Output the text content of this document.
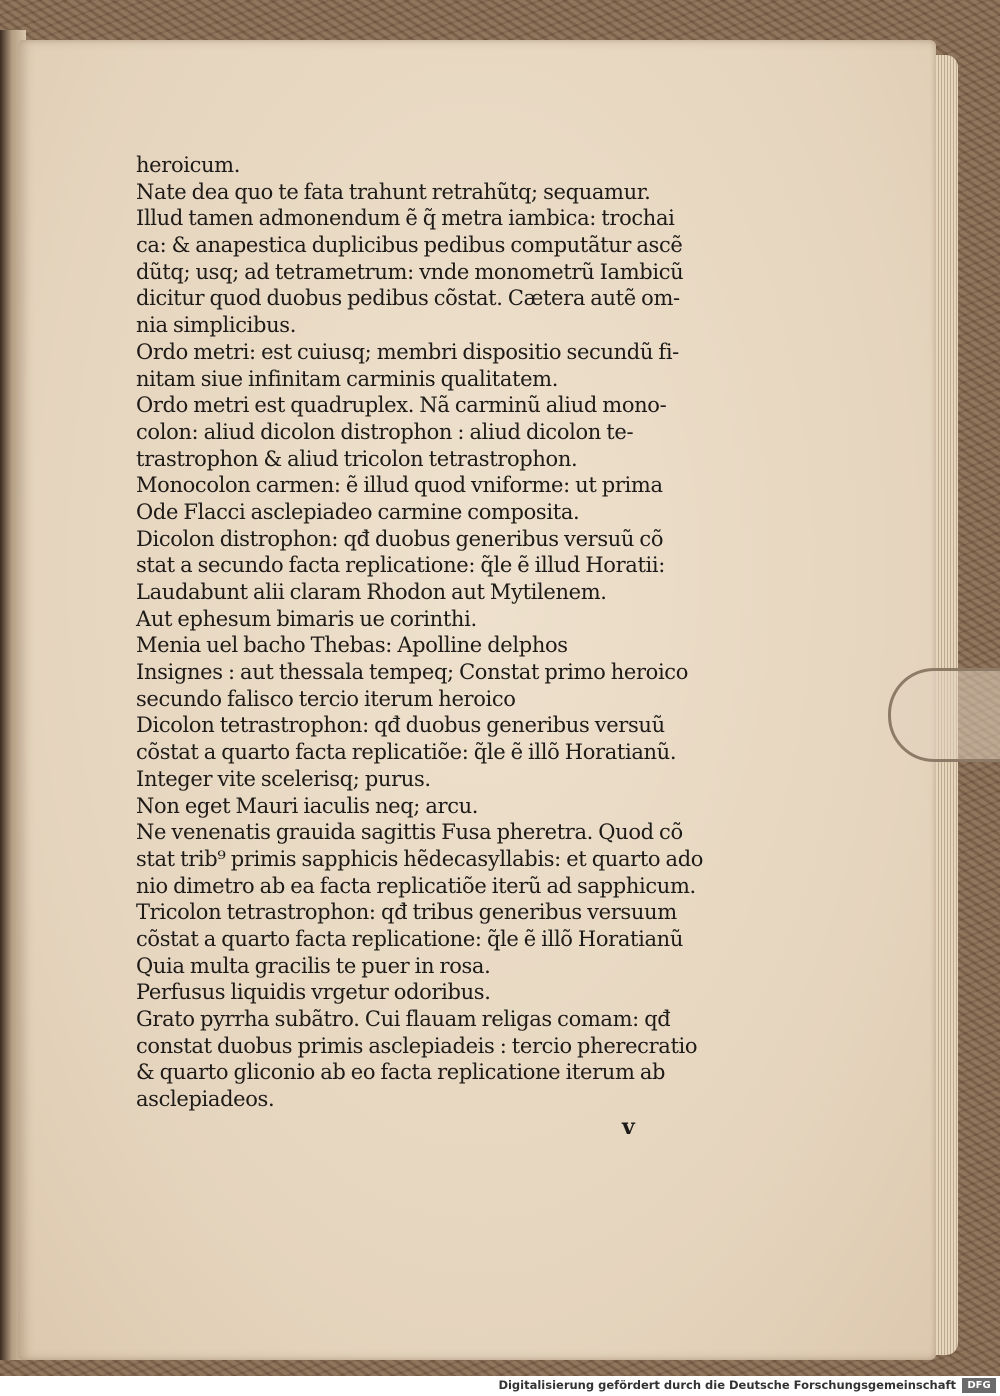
heroicum.
Nate dea quo te fata trahunt retrahũtq; sequamur.
Illud tamen admonendum ẽ q̃ metra iambica: trochai
ca: & anapestica duplicibus pedibus computãtur ascẽ
dũtq; usq; ad tetrametrum: vnde monometrũ Iambicũ
dicitur quod duobus pedibus cõstat. Cætera autẽ om-
nia simplicibus.
Ordo metri: est cuiusq; membri dispositio secundũ fi-
nitam siue infinitam carminis qualitatem.
Ordo metri est quadruplex. Nã carminũ aliud mono-
colon: aliud dicolon distrophon : aliud dicolon te-
trastrophon & aliud tricolon tetrastrophon.
Monocolon carmen: ẽ illud quod vniforme: ut prima
Ode Flacci asclepiadeo carmine composita.
Dicolon distrophon: qđ duobus generibus versuũ cõ
stat a secundo facta replicatione: q̃le ẽ illud Horatii:
Laudabunt alii claram Rhodon aut Mytilenem.
Aut ephesum bimaris ue corinthi.
Menia uel bacho Thebas: Apolline delphos
Insignes : aut thessala tempeq; Constat primo heroico
secundo falisco tercio iterum heroico
Dicolon tetrastrophon: qđ duobus generibus versuũ
cõstat a quarto facta replicatiõe: q̃le ẽ illõ Horatianũ.
Integer vite scelerisq; purus.
Non eget Mauri iaculis neq; arcu.
Ne venenatis grauida sagittis Fusa pheretra. Quod cõ
stat trib⁹ primis sapphicis hẽdecasyllabis: et quarto ado
nio dimetro ab ea facta replicatiõe iterũ ad sapphicum.
Tricolon tetrastrophon: qđ tribus generibus versuum
cõstat a quarto facta replicatione: q̃le ẽ illõ Horatianũ
Quia multa gracilis te puer in rosa.
Perfusus liquidis vrgetur odoribus.
Grato pyrrha subãtro. Cui flauam religas comam: qđ
constat duobus primis asclepiadeis : tercio pherecratio
& quarto gliconio ab eo facta replicatione iterum ab
asclepiadeos.
v
Digitalisierung gefördert durch die Deutsche Forschungsgemeinschaft	DFG
